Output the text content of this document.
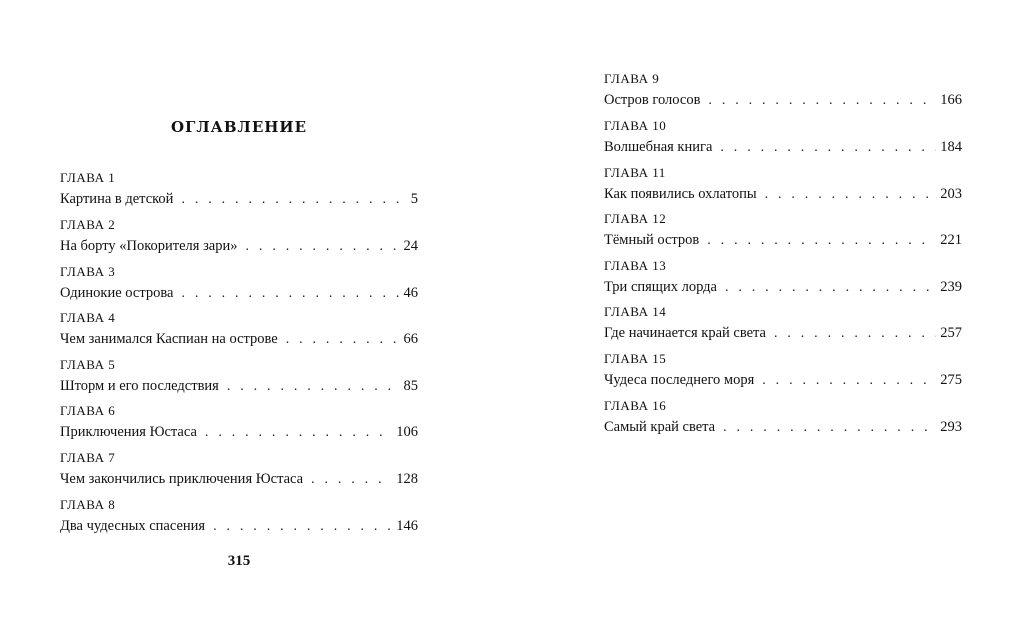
оглавление
ГЛАВА 1
Картина в детской . . .	5
ГЛАВА 2
На борту «Покорителя зари» . . .	24
ГЛАВА 3
Одинокие острова . . .	46
ГЛАВА 4
Чем занимался Каспиан на острове . . .	66
ГЛАВА 5
Шторм и его последствия . . .	85
ГЛАВА 6
Приключения Юстаса . . .	106
ГЛАВА 7
Чем закончились приключения Юстаса . . .	128
ГЛАВА 8
Два чудесных спасения . . .	146
ГЛАВА 9
Остров голосов . . .	166
ГЛАВА 10
Волшебная книга . . .	184
ГЛАВА 11
Как появились охлатопы . . .	203
ГЛАВА 12
Тёмный остров . . .	221
ГЛАВА 13
Три спящих лорда . . .	239
ГЛАВА 14
Где начинается край света . . .	257
ГЛАВА 15
Чудеса последнего моря . . .	275
ГЛАВА 16
Самый край света . . .	293
315
